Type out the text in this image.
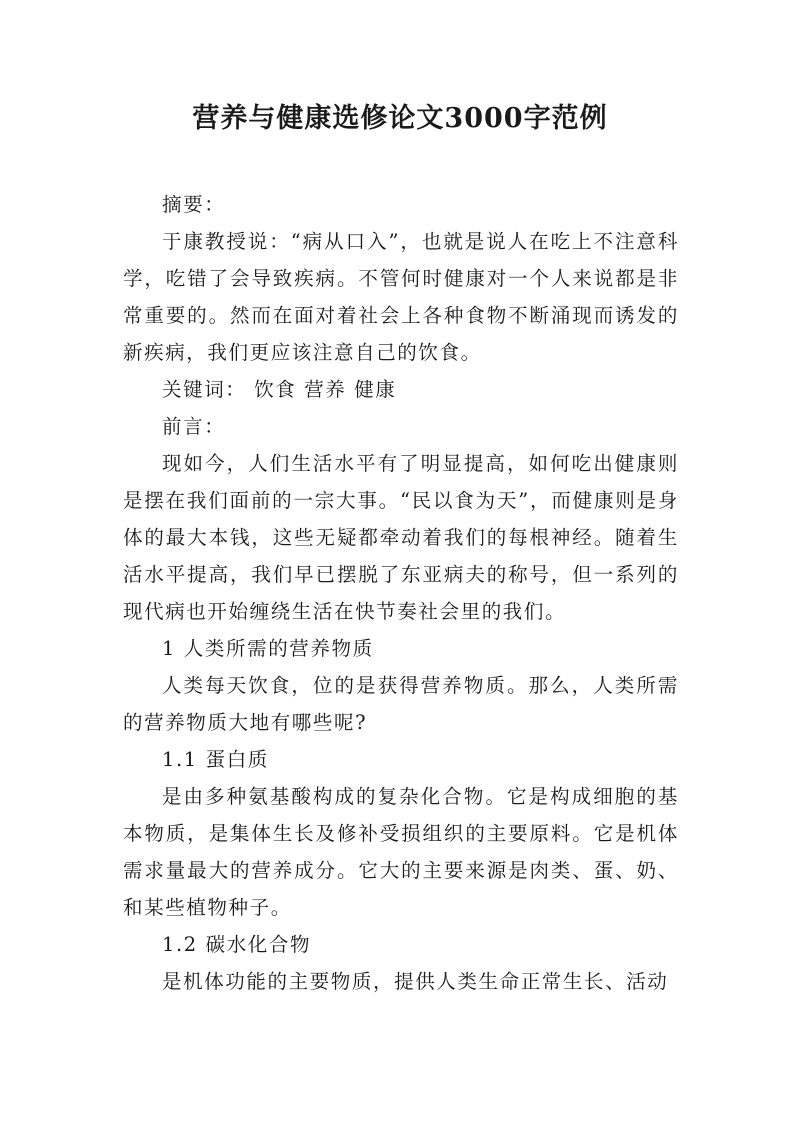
营养与健康选修论文3000字范例

摘要：

于康教授说：“病从口入”，也就是说人在吃上不注意科学，吃错了会导致疾病。不管何时健康对一个人来说都是非常重要的。然而在面对着社会上各种食物不断涌现而诱发的新疾病，我们更应该注意自己的饮食。

关键词： 饮食 营养 健康

前言：

现如今，人们生活水平有了明显提高，如何吃出健康则是摆在我们面前的一宗大事。“民以食为天”，而健康则是身体的最大本钱，这些无疑都牵动着我们的每根神经。随着生活水平提高，我们早已摆脱了东亚病夫的称号，但一系列的现代病也开始缠绕生活在快节奏社会里的我们。

1 人类所需的营养物质

人类每天饮食，位的是获得营养物质。那么，人类所需的营养物质大地有哪些呢?

1.1 蛋白质

是由多种氨基酸构成的复杂化合物。它是构成细胞的基本物质，是集体生长及修补受损组织的主要原料。它是机体需求量最大的营养成分。它大的主要来源是肉类、蛋、奶、和某些植物种子。

1.2 碳水化合物

是机体功能的主要物质，提供人类生命正常生长、活动
